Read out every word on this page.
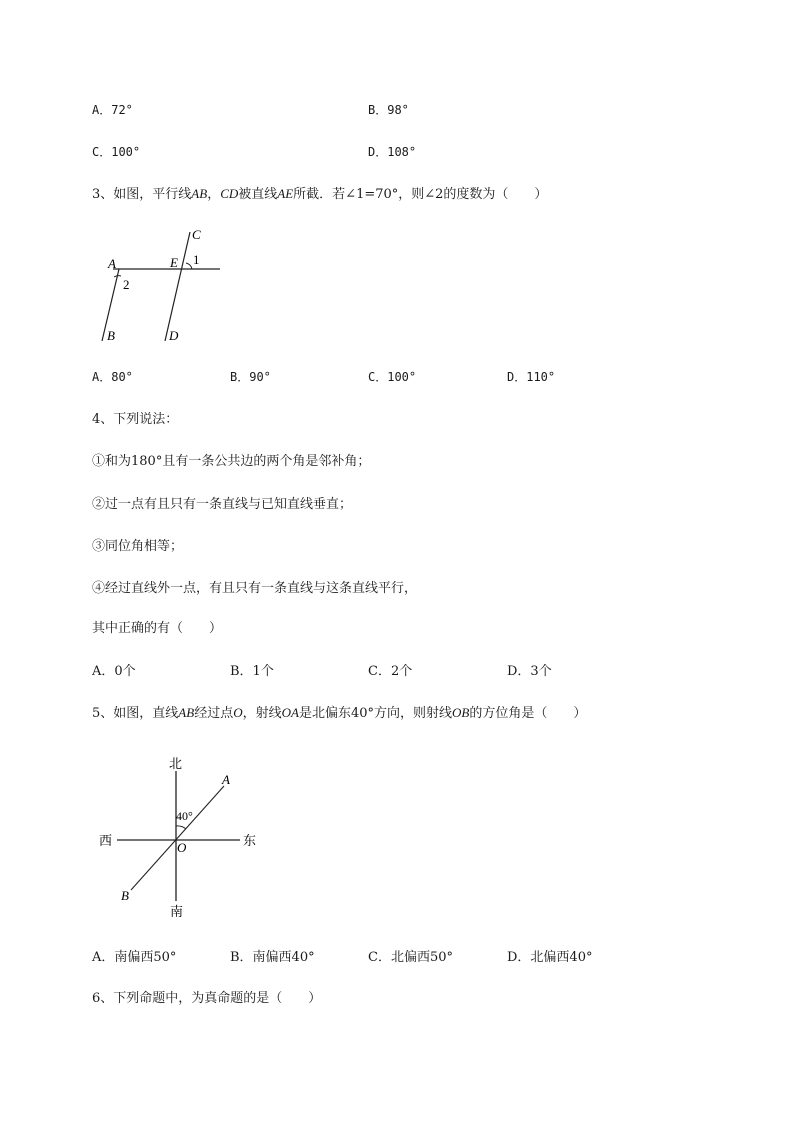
A．72°	B．98°
C．100°	D．108°
3、如图，平行线AB，CD被直线AE所截．若∠1=70°，则∠2的度数为（　　）
A
B
C
D
E 1
2
A．80°	B．90°	C．100°	D．110°
4、下列说法：
①和为180°且有一条公共边的两个角是邻补角；
②过一点有且只有一条直线与已知直线垂直；
③同位角相等；
④经过直线外一点，有且只有一条直线与这条直线平行，
其中正确的有（　　）
A．0个	B．1个	C．2个	D．3个
5、如图，直线AB经过点O，射线OA是北偏东40°方向，则射线OB的方位角是（　　）
北
南
东
西	O
A
B
40°
A．南偏西50°	B．南偏西40°	C．北偏西50°	D．北偏西40°
6、下列命题中，为真命题的是（　　）
